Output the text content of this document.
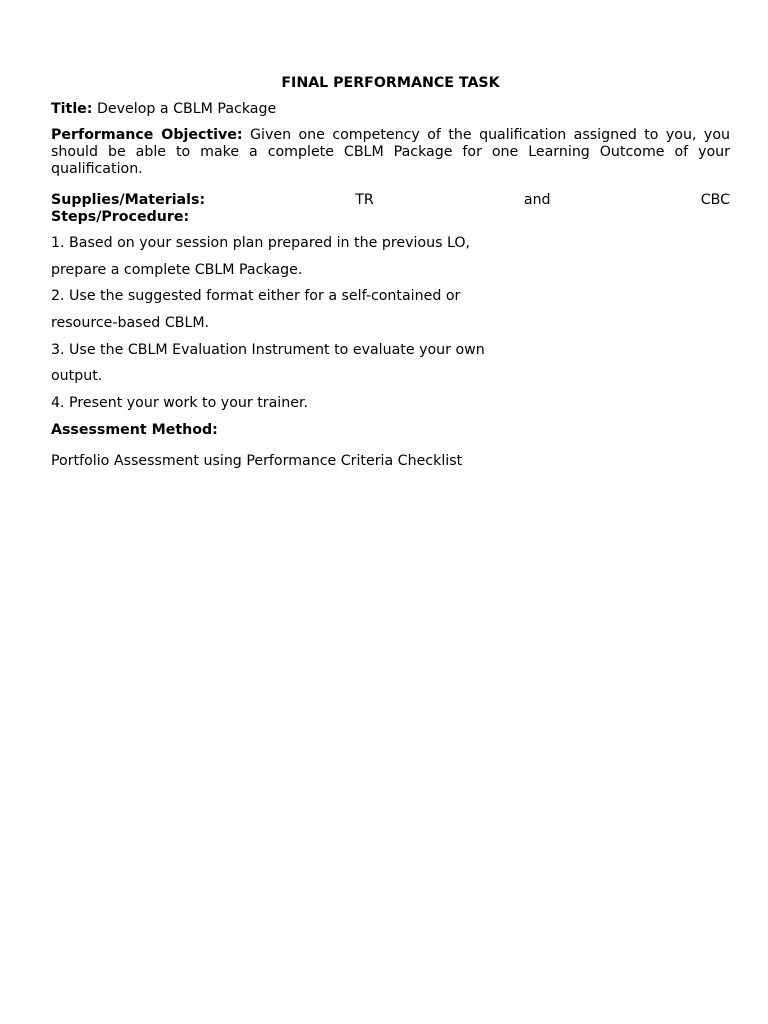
FINAL PERFORMANCE TASK

Title: Develop a CBLM Package

Performance Objective: Given one competency of the qualification assigned to you, you should be able to make a complete CBLM Package for one Learning Outcome of your qualification.

Supplies/Materials:	TR	and	CBC

Steps/Procedure:

1. Based on your session plan prepared in the previous LO,

prepare a complete CBLM Package.

2. Use the suggested format either for a self-contained or

resource-based CBLM.

3. Use the CBLM Evaluation Instrument to evaluate your own

output.

4. Present your work to your trainer.

Assessment Method:

Portfolio Assessment using Performance Criteria Checklist
